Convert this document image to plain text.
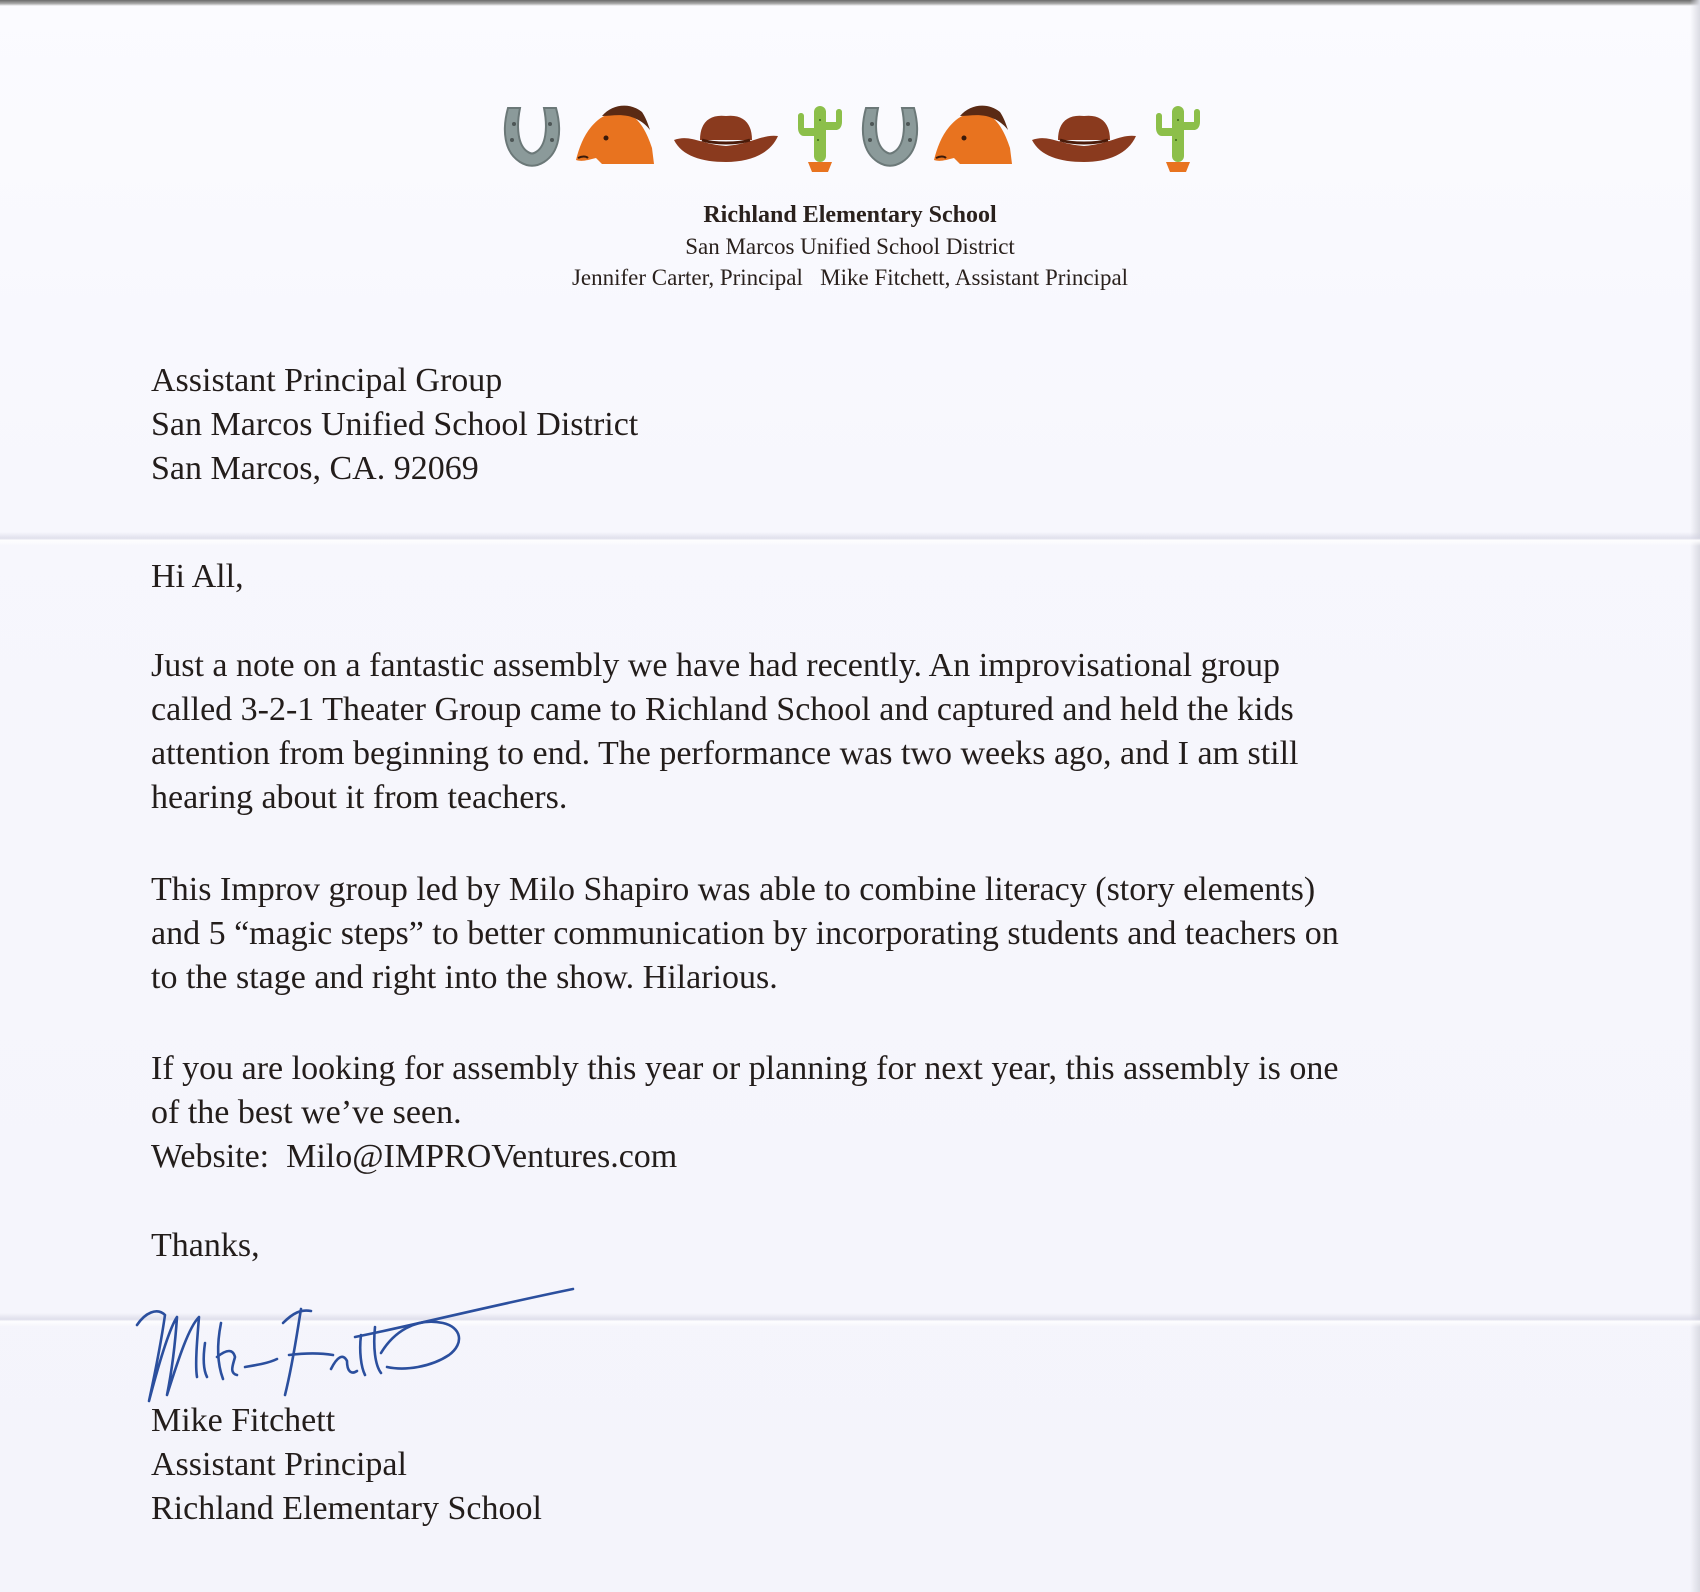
Richland Elementary School
San Marcos Unified School District
Jennifer Carter, Principal   Mike Fitchett, Assistant Principal
Assistant Principal Group
San Marcos Unified School District
San Marcos, CA. 92069
Hi All,
Just a note on a fantastic assembly we have had recently. An improvisational group
called 3-2-1 Theater Group came to Richland School and captured and held the kids
attention from beginning to end. The performance was two weeks ago, and I am still
hearing about it from teachers.
This Improv group led by Milo Shapiro was able to combine literacy (story elements)
and 5 “magic steps” to better communication by incorporating students and teachers on
to the stage and right into the show. Hilarious.
If you are looking for assembly this year or planning for next year, this assembly is one
of the best we’ve seen.
Website:  Milo@IMPROVentures.com
Thanks,
Mike Fitchett
Assistant Principal
Richland Elementary School
